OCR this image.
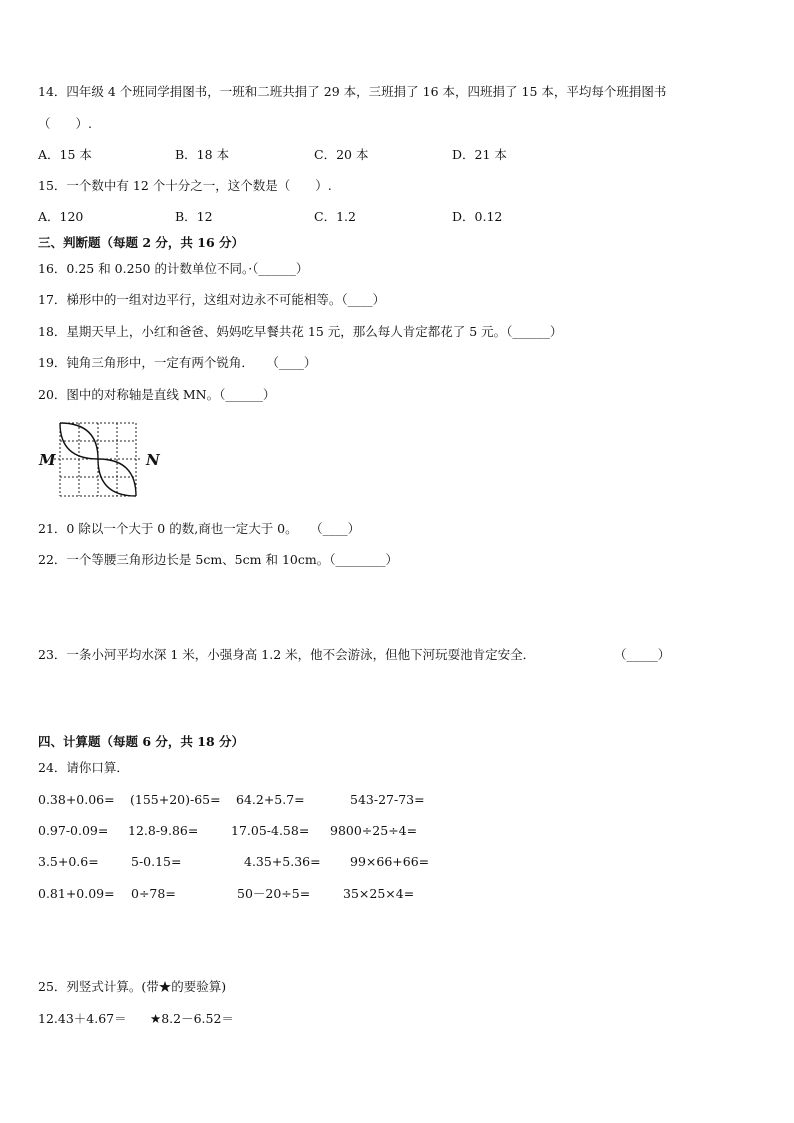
14．四年级 4 个班同学捐图书，一班和二班共捐了 29 本，三班捐了 16 本，四班捐了 15 本，平均每个班捐图书
（　　）.
A．15 本	B．18 本	C．20 本	D．21 本
15．一个数中有 12 个十分之一，这个数是（　　）.
A．120	B．12	C．1.2	D．0.12
三、判断题（每题 2 分，共 16 分）
16．0.25 和 0.250 的计数单位不同。·（______）
17．梯形中的一组对边平行，这组对边永不可能相等。（____）
18．星期天早上，小红和爸爸、妈妈吃早餐共花 15 元，那么每人肯定都花了 5 元。（______）
19．钝角三角形中，一定有两个锐角．　　（____）
20．图中的对称轴是直线 MN。（______）
M	N
21．0 除以一个大于 0 的数,商也一定大于 0。　　（____）
22．一个等腰三角形边长是 5cm、5cm 和 10cm。（________）
23．一条小河平均水深 1 米，小强身高 1.2 米，他不会游泳，但他下河玩耍池肯定安全．	（_____）
四、计算题（每题 6 分，共 18 分）
24．请你口算．
0.38+0.06= (155+20)-65= 64.2+5.7=	543-27-73=
0.97-0.09= 12.8-9.86=	17.05-4.58= 9800÷25÷4=
3.5+0.6=	5-0.15=	4.35+5.36= 99×66+66=
0.81+0.09= 0÷78=	50－20÷5=	35×25×4=
25．列竖式计算。(带★的要验算)
12.43＋4.67＝ ★8.2－6.52＝
